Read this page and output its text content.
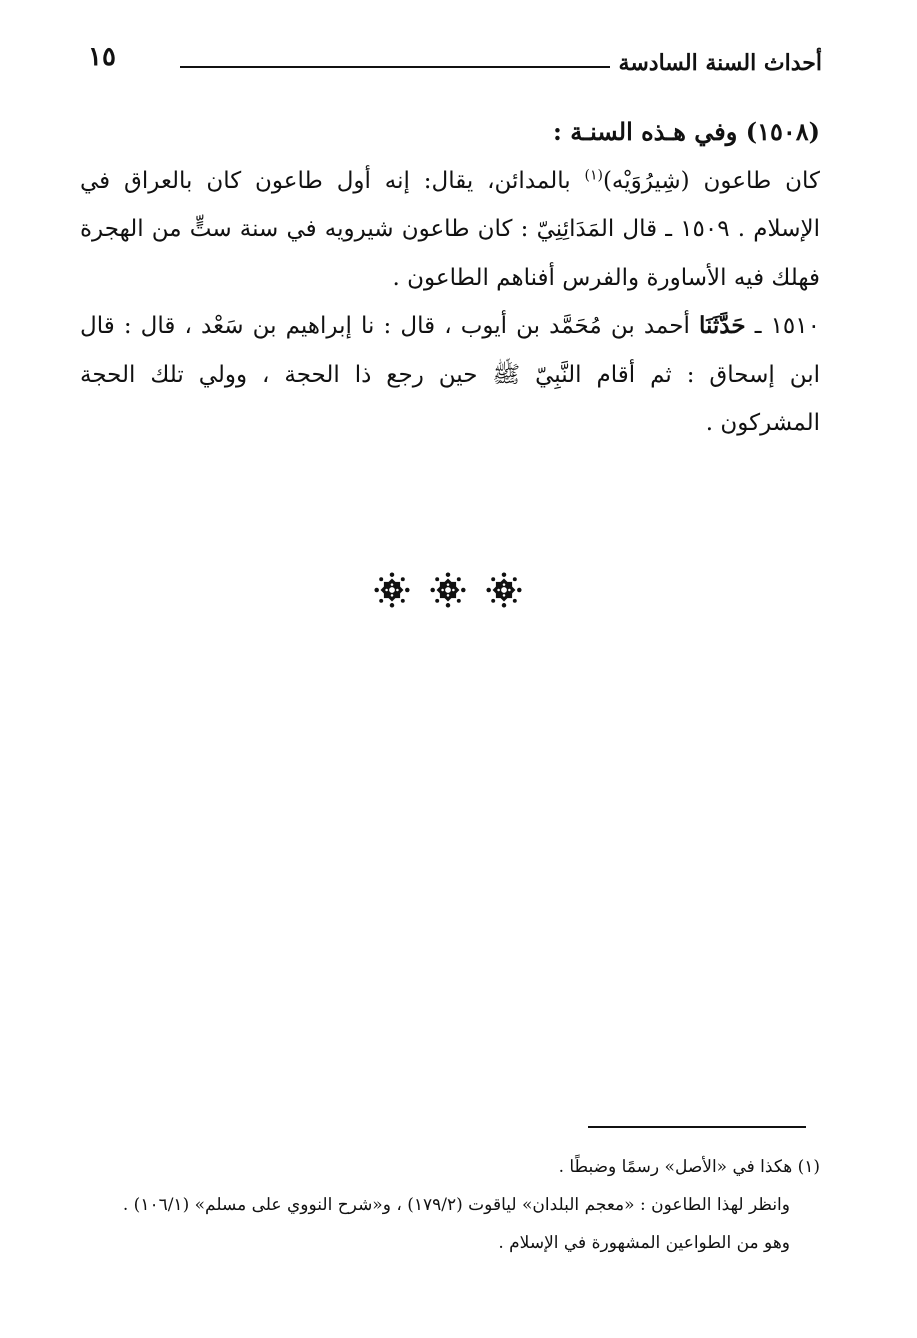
١٥	أحداث السنة السادسة

(١٥٠٨) وفي هـذه السنـة :

كان طاعون (شِيرُوَيْه)$^{(١)}$ بالمدائن، يقال: إنه أول طاعون كان بالعراق في الإسلام . ١٥٠٩ ـ قال المَدَائِنِيّ : كان طاعون شيرويه في سنة ستٍّ من الهجرة فهلك فيه الأساورة والفرس أفناهم الطاعون .

١٥١٠ ـ حَدَّثَنَا أحمد بن مُحَمَّد بن أيوب ، قال : نا إبراهيم بن سَعْد ، قال : قال ابن إسحاق : ثم أقام النَّبِيّ ﷺ حين رجع ذا الحجة ، وولي تلك الحجة المشركون .

(١) هكذا في «الأصل» رسمًا وضبطًا .

وانظر لهذا الطاعون : «معجم البلدان» لياقوت (١٧٩/٢) ، و«شرح النووي على مسلم» (١٠٦/١) .

وهو من الطواعين المشهورة في الإسلام .
